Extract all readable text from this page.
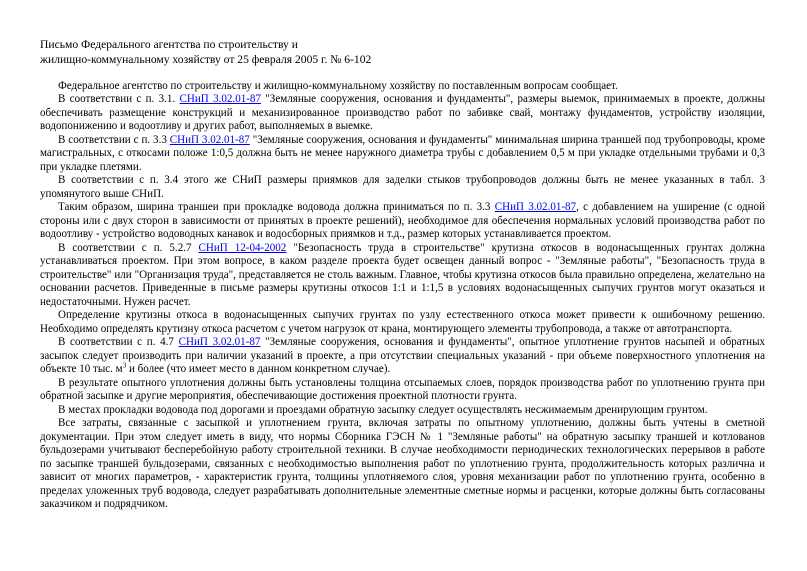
Письмо Федерального агентства по строительству и
жилищно-коммунальному хозяйству от 25 февраля 2005 г. № 6-102

Федеральное агентство по строительству и жилищно-коммунальному хозяйству по поставленным вопросам сообщает.

В соответствии с п. 3.1. СНиП 3.02.01-87 "Земляные сооружения, основания и фундаменты", размеры выемок, принимаемых в проекте, должны обеспечивать размещение конструкций и механизированное производство работ по забивке свай, монтажу фундаментов, устройству изоляции, водопонижению и водоотливу и других работ, выполняемых в выемке.

В соответствии с п. 3.3 СНиП 3.02.01-87 "Земляные сооружения, основания и фундаменты" минимальная ширина траншей под трубопроводы, кроме магистральных, с откосами положе 1:0,5 должна быть не менее наружного диаметра трубы с добавлением 0,5 м при укладке отдельными трубами и 0,3 при укладке плетями.

В соответствии с п. 3.4 этого же СНиП размеры приямков для заделки стыков трубопроводов должны быть не менее указанных в табл. 3 упомянутого выше СНиП.

Таким образом, ширина траншеи при прокладке водовода должна приниматься по п. 3.3 СНиП 3.02.01-87, с добавлением на уширение (с одной стороны или с двух сторон в зависимости от принятых в проекте решений), необходимое для обеспечения нормальных условий производства работ по водоотливу - устройство водоводных канавок и водосборных приямков и т.д., размер которых устанавливается проектом.

В соответствии с п. 5.2.7 СНиП 12-04-2002 "Безопасность труда в строительстве" крутизна откосов в водонасыщенных грунтах должна устанавливаться проектом. При этом вопросе, в каком разделе проекта будет освещен данный вопрос - "Земляные работы", "Безопасность труда в строительстве" или "Организация труда", представляется не столь важным. Главное, чтобы крутизна откосов была правильно определена, желательно на основании расчетов. Приведенные в письме размеры крутизны откосов 1:1 и 1:1,5 в условиях водонасыщенных сыпучих грунтов могут оказаться и недостаточными. Нужен расчет.

Определение крутизны откоса в водонасыщенных сыпучих грунтах по узлу естественного откоса может привести к ошибочному решению. Необходимо определять крутизну откоса расчетом с учетом нагрузок от крана, монтирующего элементы трубопровода, а также от автотранспорта.

В соответствии с п. 4.7 СНиП 3.02.01-87 "Земляные сооружения, основания и фундаменты", опытное уплотнение грунтов насыпей и обратных засыпок следует производить при наличии указаний в проекте, а при отсутствии специальных указаний - при объеме поверхностного уплотнения на объекте 10 тыс. $м^3$ и более (что имеет место в данном конкретном случае).

В результате опытного уплотнения должны быть установлены толщина отсыпаемых слоев, порядок производства работ по уплотнению грунта при обратной засыпке и другие мероприятия, обеспечивающие достижения проектной плотности грунта.

В местах прокладки водовода под дорогами и проездами обратную засыпку следует осуществлять несжимаемым дренирующим грунтом.

Все затраты, связанные с засыпкой и уплотнением грунта, включая затраты по опытному уплотнению, должны быть учтены в сметной документации. При этом следует иметь в виду, что нормы Сборника ГЭСН № 1 "Земляные работы" на обратную засыпку траншей и котлованов бульдозерами учитывают бесперебойную работу строительной техники. В случае необходимости периодических технологических перерывов в работе по засыпке траншей бульдозерами, связанных с необходимостью выполнения работ по уплотнению грунта, продолжительность которых различна и зависит от многих параметров, - характеристик грунта, толщины уплотняемого слоя, уровня механизации работ по уплотнению грунта, особенно в пределах уложенных труб водовода, следует разрабатывать дополнительные элементные сметные нормы и расценки, которые должны быть согласованы заказчиком и подрядчиком.
